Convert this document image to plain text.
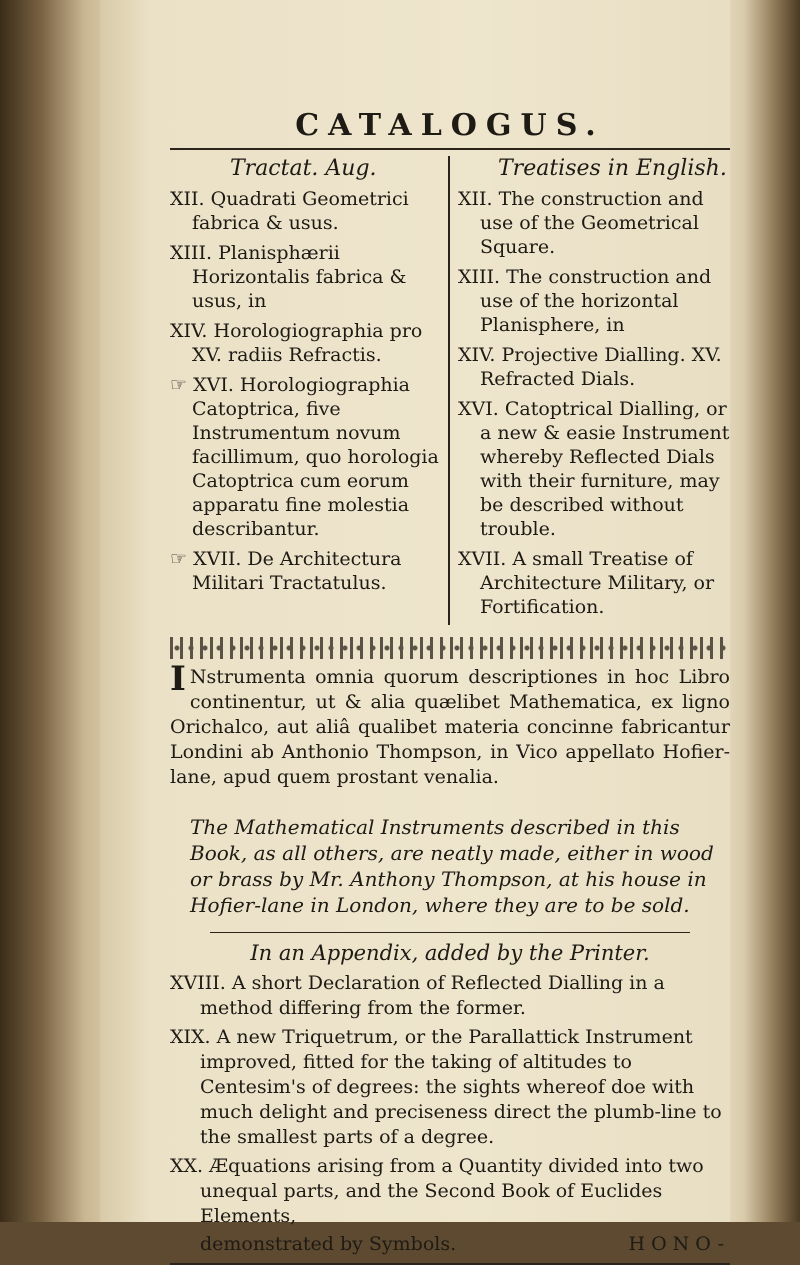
CATALOGUS.
Tractat. Aug.

XII. Quadrati Geometrici fabrica & usus.

XIII. Planisphærii Horizontalis fabrica & usus, in

XIV. Horologiographia pro XV. radiis Refractis.

☞ XVI. Horologiographia Catoptrica, five Instrumentum novum facillimum, quo horologia Catoptrica cum eorum apparatu fine molestia describantur.

☞ XVII. De Architectura Militari Tractatulus.

Treatises in English.

XII. The construction and use of the Geometrical Square.

XIII. The construction and use of the horizontal Planisphere, in

XIV. Projective Dialling. XV. Refracted Dials.

XVI. Catoptrical Dialling, or a new & easie Instrument whereby Reflected Dials with their furniture, may be described without trouble.

XVII. A small Treatise of Architecture Military, or Fortification.

I Nstrumenta omnia quorum descriptiones in hoc Libro continentur, ut & alia quælibet Mathematica, ex ligno Orichalco, aut aliâ qualibet materia concinne fabricantur Londini ab Anthonio Thompson, in Vico appellato Hofier-lane, apud quem prostant venalia.

The Mathematical Instruments described in this Book, as all others, are neatly made, either in wood or brass by Mr. Anthony Thompson, at his house in Hofier-lane in London, where they are to be sold.

In an Appendix, added by the Printer.

XVIII. A short Declaration of Reflected Dialling in a method differing from the former.

XIX. A new Triquetrum, or the Parallattick Instrument improved, fitted for the taking of altitudes to Centesim's of degrees: the sights whereof doe with much delight and preciseness direct the plumb-line to the smallest parts of a degree.

XX. Æquations arising from a Quantity divided into two unequal parts, and the Second Book of Euclides Elements,

demonstrated by Symbols.	HONO-
